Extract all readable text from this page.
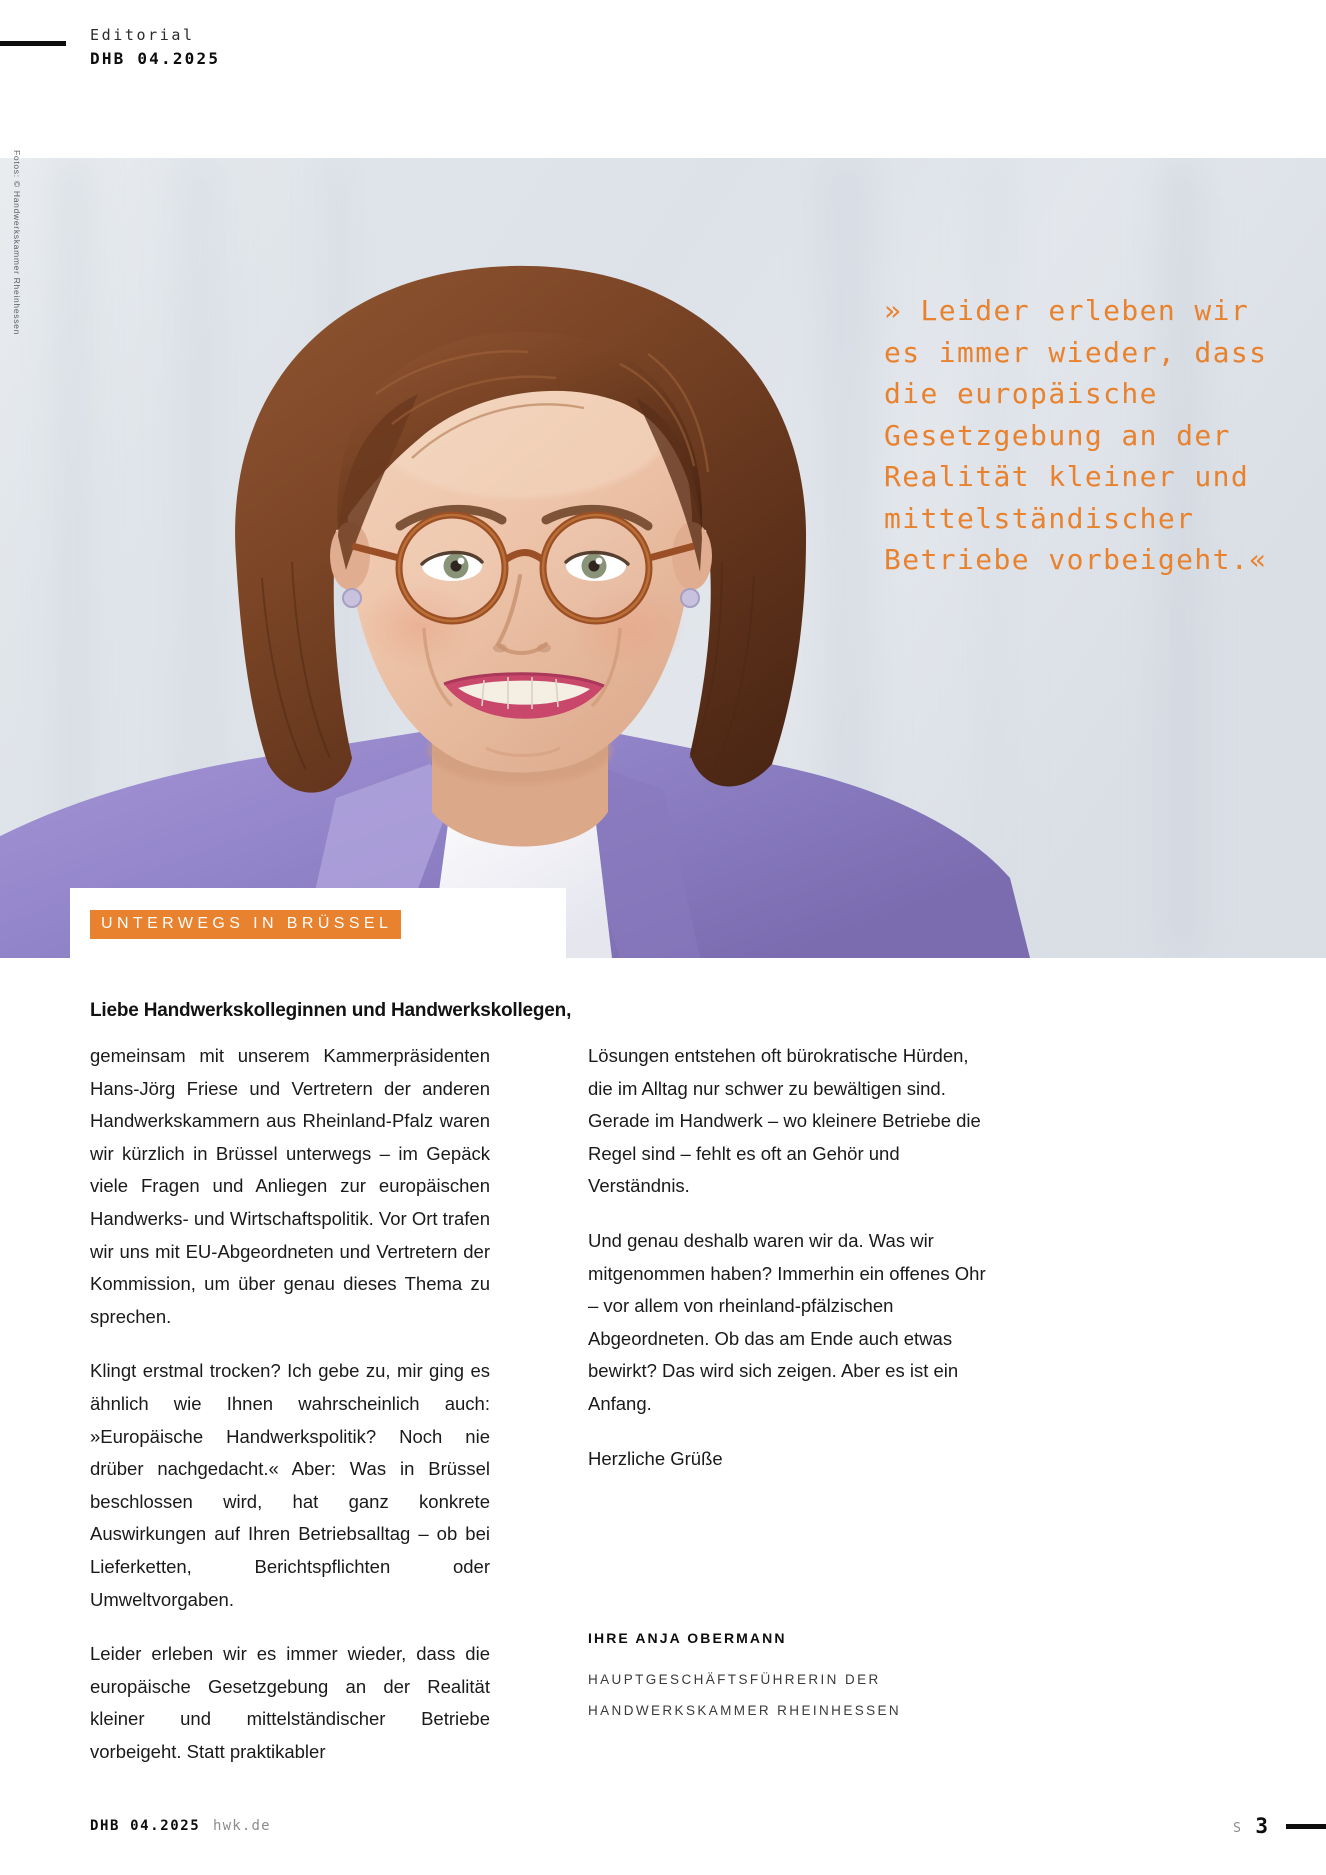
Editorial
DHB 04.2025
Fotos: © Handwerkskammer Rheinhessen	» Leider erleben wir es immer wieder, dass die europäische Gesetzgebung an der Realität kleiner und mittelständischer Betriebe vorbeigeht.«
UNTERWEGS IN BRÜSSEL
Liebe Handwerkskolleginnen und Handwerkskollegen,

gemeinsam mit unserem Kammerpräsidenten Hans-Jörg Friese und Vertretern der anderen Handwerkskammern aus Rheinland-Pfalz waren wir kürzlich in Brüssel unterwegs – im Gepäck viele Fragen und Anliegen zur europäischen Handwerks- und Wirtschaftspolitik. Vor Ort trafen wir uns mit EU-Abgeordneten und Vertretern der Kommission, um über genau dieses Thema zu sprechen.

Klingt erstmal trocken? Ich gebe zu, mir ging es ähnlich wie Ihnen wahrscheinlich auch: »Europäische Handwerkspolitik? Noch nie drüber nachgedacht.« Aber: Was in Brüssel beschlossen wird, hat ganz konkrete Auswirkungen auf Ihren Betriebsalltag – ob bei Lieferketten, Berichtspflichten oder Umweltvorgaben.

Leider erleben wir es immer wieder, dass die europäische Gesetzgebung an der Realität kleiner und mittelständischer Betriebe vorbeigeht. Statt praktikabler

Lösungen entstehen oft bürokratische Hürden, die im Alltag nur schwer zu bewältigen sind. Gerade im Handwerk – wo kleinere Betriebe die Regel sind – fehlt es oft an Gehör und Verständnis.

Und genau deshalb waren wir da. Was wir mitgenommen haben? Immerhin ein offenes Ohr – vor allem von rheinland-pfälzischen Abgeordneten. Ob das am Ende auch etwas bewirkt? Das wird sich zeigen. Aber es ist ein Anfang.

Herzliche Grüße

IHRE ANJA OBERMANN
HAUPTGESCHÄFTSFÜHRERIN DER
HANDWERKSKAMMER RHEINHESSEN
DHB 04.2025 hwk.de	S 3
